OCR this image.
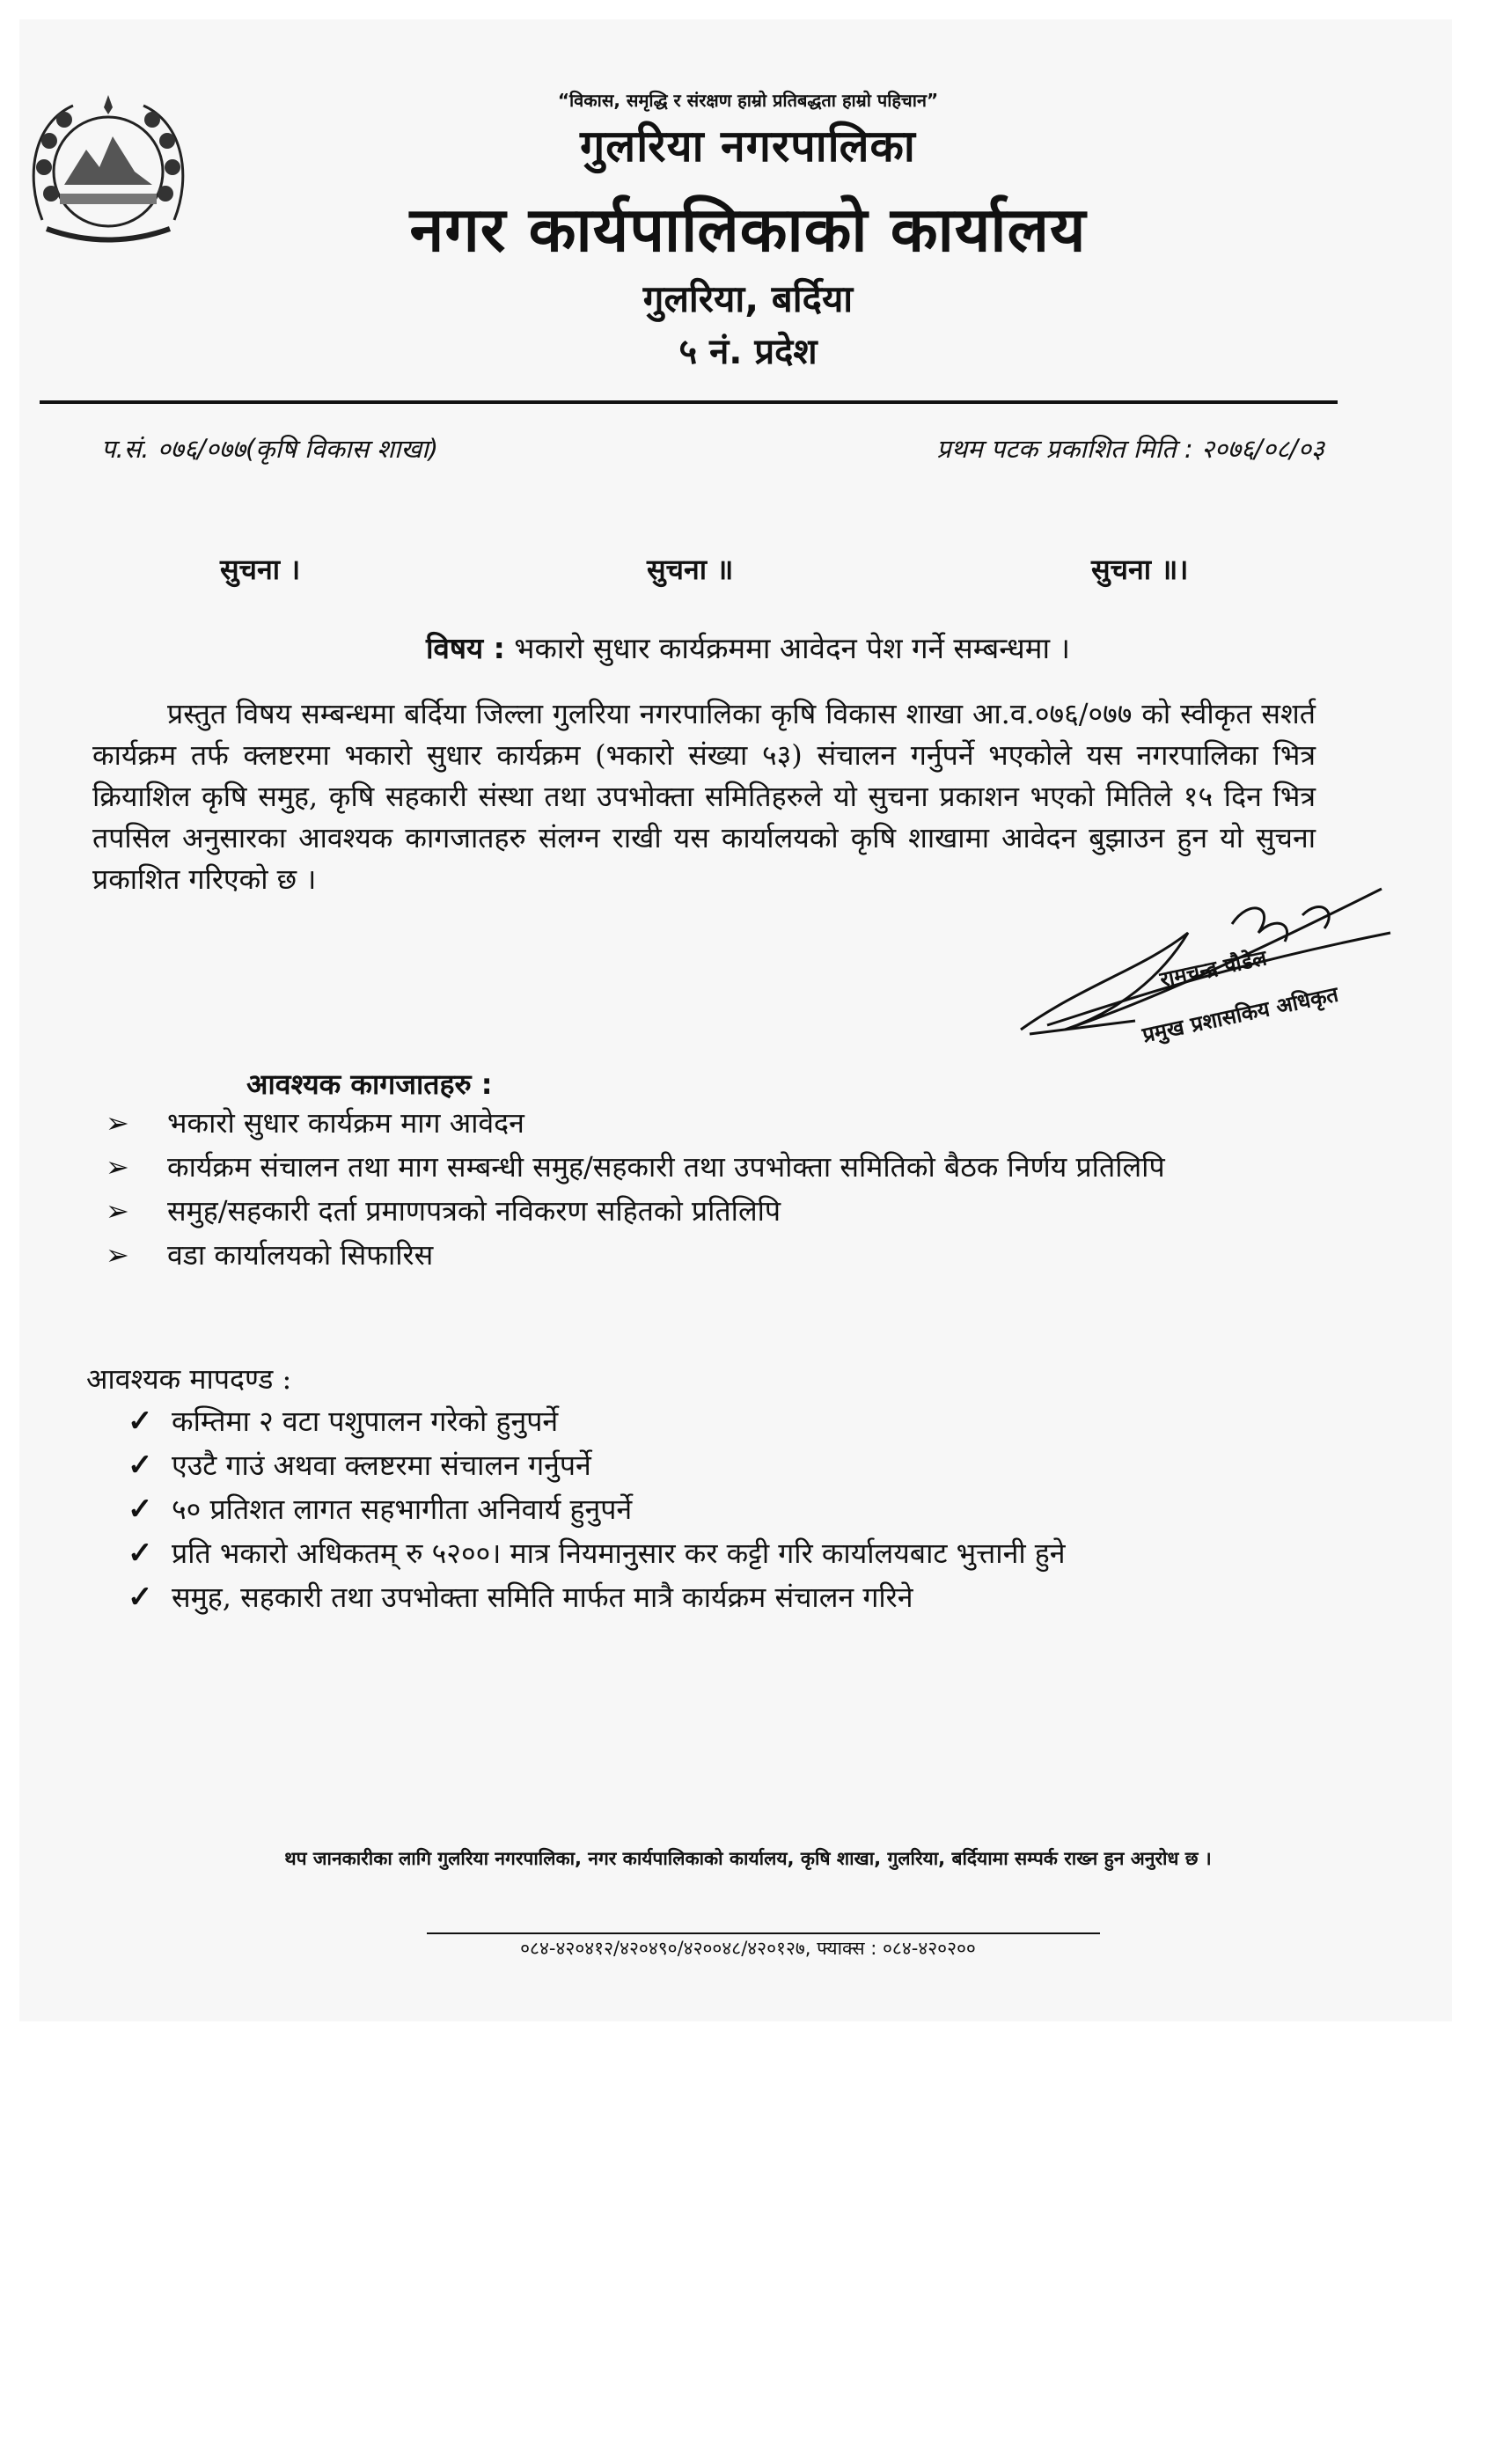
“विकास, समृद्धि र संरक्षण हाम्रो प्रतिबद्धता हाम्रो पहिचान”
गुलरिया नगरपालिका
नगर कार्यपालिकाको कार्यालय
गुलरिया, बर्दिया
५ नं. प्रदेश
प.सं. ०७६/०७७(कृषि विकास शाखा)	प्रथम पटक प्रकाशित मिति : २०७६/०८/०३
सुचना ।	सुचना ॥	सुचना ॥।
विषय : भकारो सुधार कार्यक्रममा आवेदन पेश गर्ने सम्बन्धमा ।

प्रस्तुत विषय सम्बन्धमा बर्दिया जिल्ला गुलरिया नगरपालिका कृषि विकास शाखा आ.व.०७६/०७७ को स्वीकृत सशर्त कार्यक्रम तर्फ क्लष्टरमा भकारो सुधार कार्यक्रम (भकारो संख्या ५३) संचालन गर्नुपर्ने भएकोले यस नगरपालिका भित्र क्रियाशिल कृषि समुह, कृषि सहकारी संस्था तथा उपभोक्ता समितिहरुले यो सुचना प्रकाशन भएको मितिले १५ दिन भित्र तपसिल अनुसारका आवश्यक कागजातहरु संलग्न राखी यस कार्यालयको कृषि शाखामा आवेदन बुझाउन हुन यो सुचना प्रकाशित गरिएको छ ।

रामचन्द्र पौडेल
प्रमुख प्रशासकिय अधिकृत
आवश्यक कागजातहरु :
➢ भकारो सुधार कार्यक्रम माग आवेदन
➢ कार्यक्रम संचालन तथा माग सम्बन्धी समुह/सहकारी तथा उपभोक्ता समितिको बैठक निर्णय प्रतिलिपि
➢ समुह/सहकारी दर्ता प्रमाणपत्रको नविकरण सहितको प्रतिलिपि
➢ वडा कार्यालयको सिफारिस
आवश्यक मापदण्ड :
✓ कम्तिमा २ वटा पशुपालन गरेको हुनुपर्ने
✓ एउटै गाउं अथवा क्लष्टरमा संचालन गर्नुपर्ने
✓ ५० प्रतिशत लागत सहभागीता अनिवार्य हुनुपर्ने
✓ प्रति भकारो अधिकतम् रु ५२००। मात्र नियमानुसार कर कट्टी गरि कार्यालयबाट भुत्तानी हुने
✓ समुह, सहकारी तथा उपभोक्ता समिति मार्फत मात्रै कार्यक्रम संचालन गरिने
थप जानकारीका लागि गुलरिया नगरपालिका, नगर कार्यपालिकाको कार्यालय, कृषि शाखा, गुलरिया, बर्दियामा सम्पर्क राख्न हुन अनुरोध छ ।
०८४-४२०४१२/४२०४९०/४२००४८/४२०१२७, फ्याक्स : ०८४-४२०२००
